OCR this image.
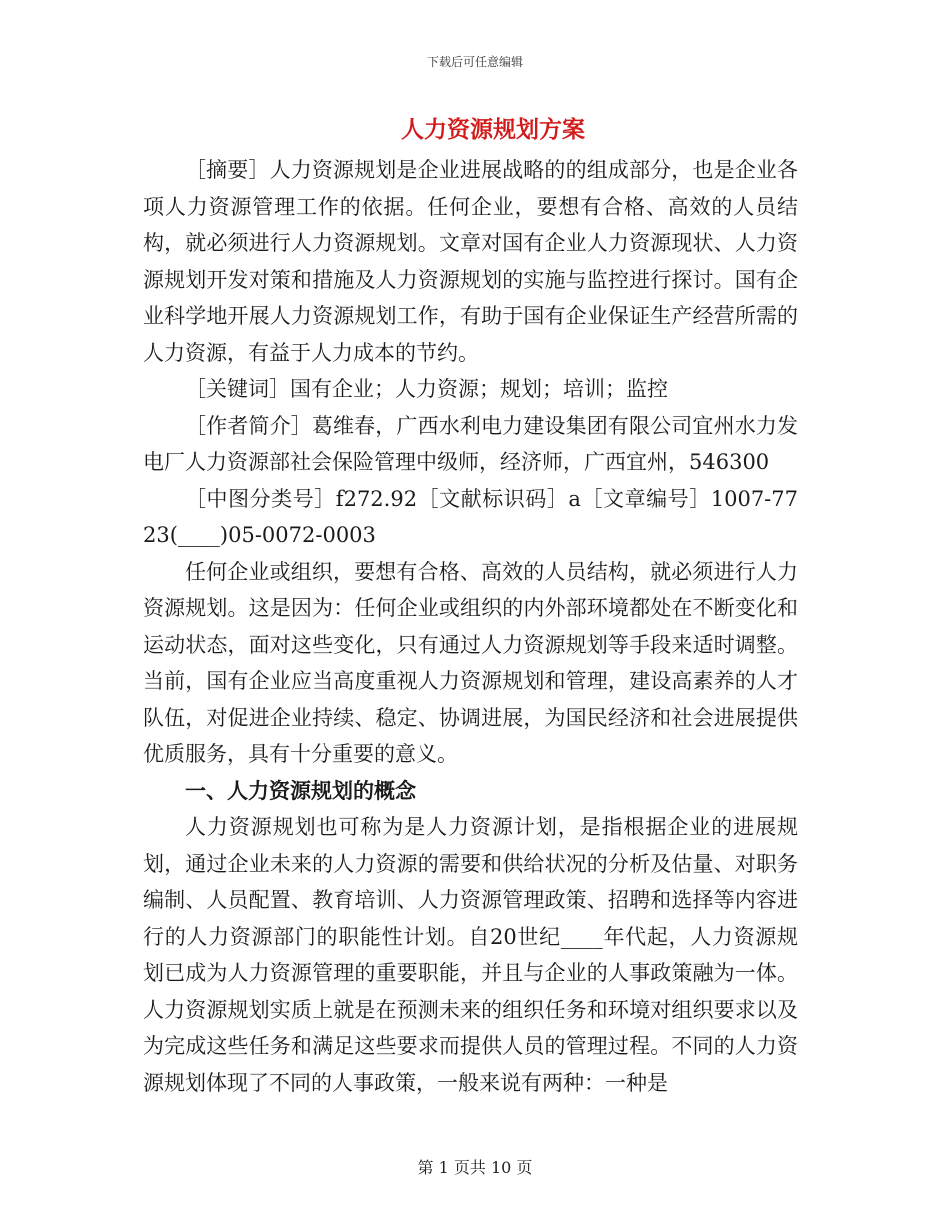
下载后可任意编辑
人力资源规划方案

［摘要］人力资源规划是企业进展战略的的组成部分，也是企业各项人力资源管理工作的依据。任何企业，要想有合格、高效的人员结构，就必须进行人力资源规划。文章对国有企业人力资源现状、人力资源规划开发对策和措施及人力资源规划的实施与监控进行探讨。国有企业科学地开展人力资源规划工作，有助于国有企业保证生产经营所需的人力资源，有益于人力成本的节约。

［关键词］国有企业；人力资源；规划；培训；监控

［作者简介］葛维春，广西水利电力建设集团有限公司宜州水力发电厂人力资源部社会保险管理中级师，经济师，广西宜州，546300

［中图分类号］f272.92［文献标识码］a［文章编号］1007-7723(____)05-0072-0003

任何企业或组织，要想有合格、高效的人员结构，就必须进行人力资源规划。这是因为：任何企业或组织的内外部环境都处在不断变化和运动状态，面对这些变化，只有通过人力资源规划等手段来适时调整。当前，国有企业应当高度重视人力资源规划和管理，建设高素养的人才队伍，对促进企业持续、稳定、协调进展，为国民经济和社会进展提供优质服务，具有十分重要的意义。

一、人力资源规划的概念

人力资源规划也可称为是人力资源计划，是指根据企业的进展规划，通过企业未来的人力资源的需要和供给状况的分析及估量、对职务编制、人员配置、教育培训、人力资源管理政策、招聘和选择等内容进行的人力资源部门的职能性计划。自20世纪____年代起，人力资源规划已成为人力资源管理的重要职能，并且与企业的人事政策融为一体。人力资源规划实质上就是在预测未来的组织任务和环境对组织要求以及为完成这些任务和满足这些要求而提供人员的管理过程。不同的人力资源规划体现了不同的人事政策，一般来说有两种：一种是

第 1 页共 10 页
